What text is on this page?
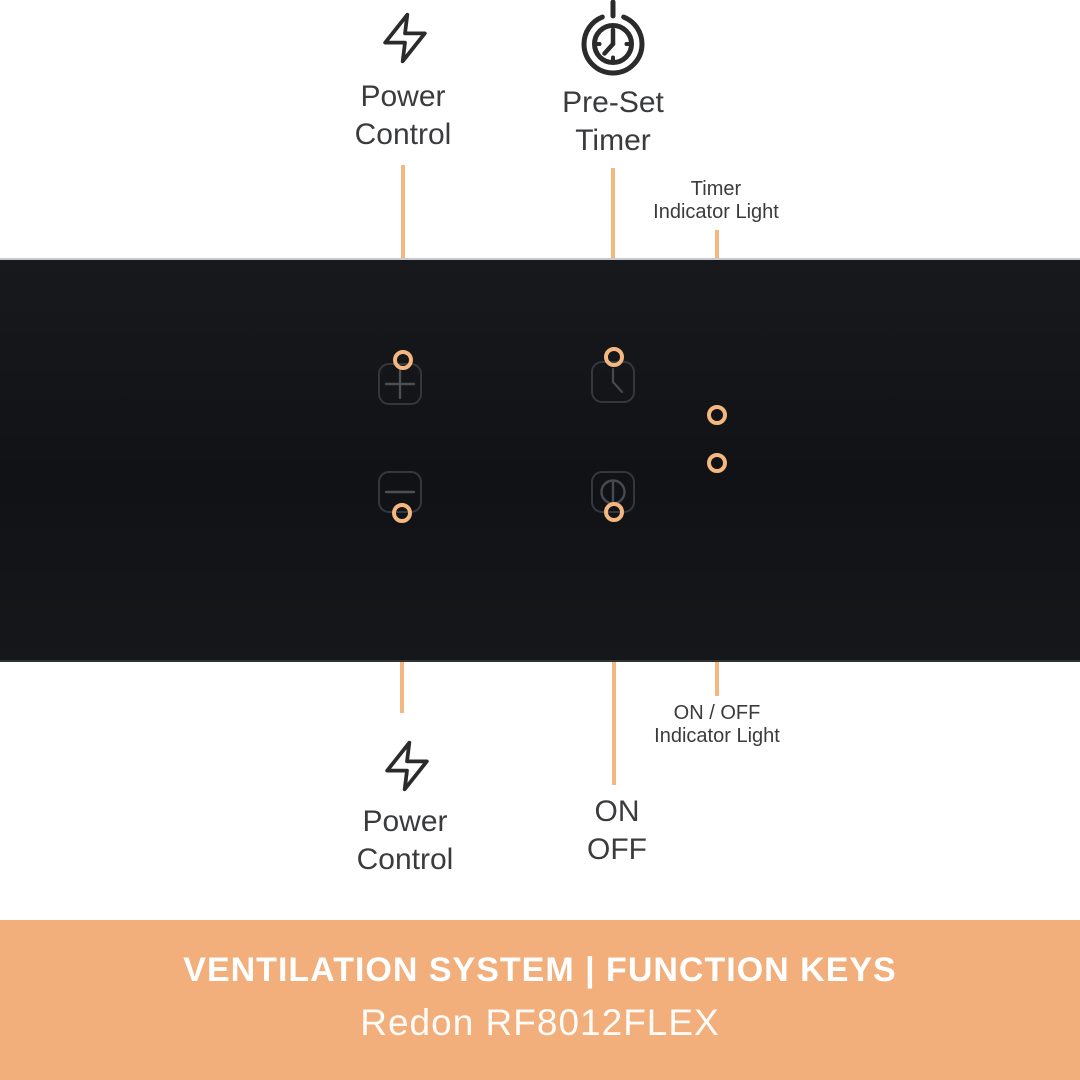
Power
Control
Pre-Set
Timer
Timer
Indicator Light
Power
Control
ON
OFF
ON / OFF
Indicator Light
VENTILATION SYSTEM | FUNCTION KEYS
Redon RF8012FLEX
